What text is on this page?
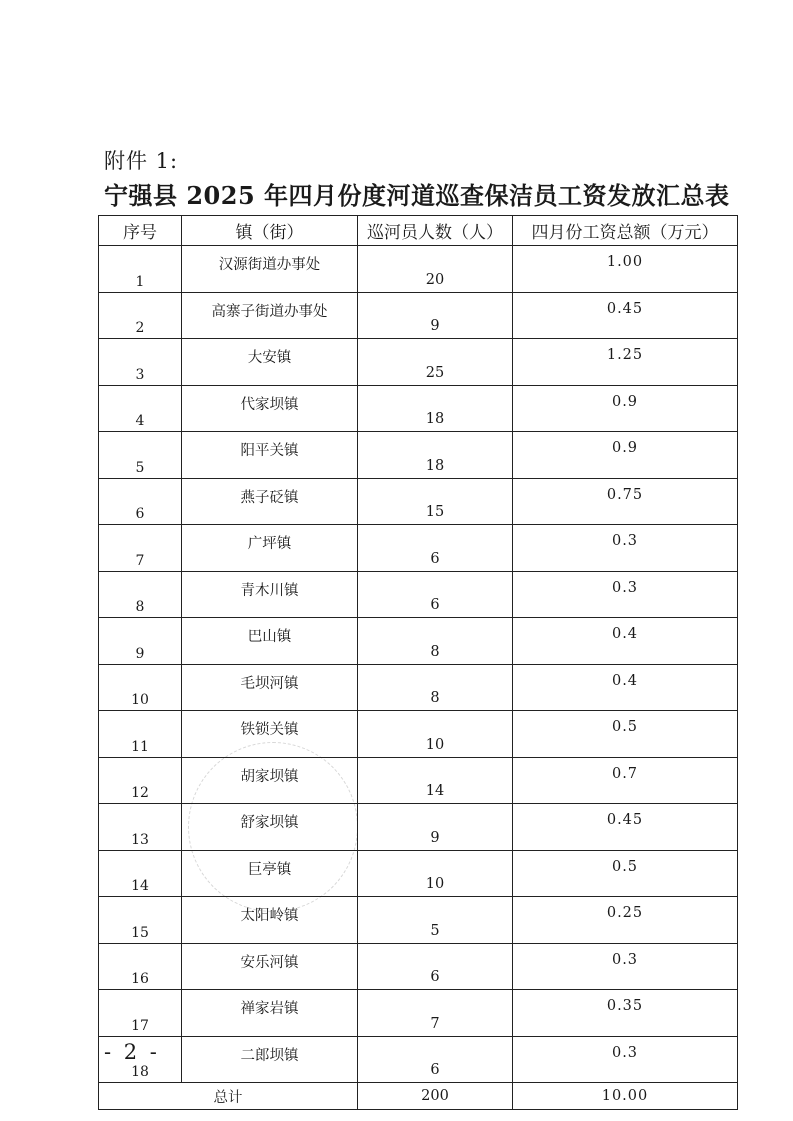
附件 1:
宁强县 2025 年四月份度河道巡查保洁员工资发放汇总表
序号	镇（街）	巡河员人数（人）	四月份工资总额（万元）
1	汉源街道办事处	20	1.00
2	高寨子街道办事处	9	0.45
3	大安镇	25	1.25
4	代家坝镇	18	0.9
5	阳平关镇	18	0.9
6	燕子砭镇	15	0.75
7	广坪镇	6	0.3
8	青木川镇	6	0.3
9	巴山镇	8	0.4
10	毛坝河镇	8	0.4
11	铁锁关镇	10	0.5
12	胡家坝镇	14	0.7
13	舒家坝镇	9	0.45
14	巨亭镇	10	0.5
15	太阳岭镇	5	0.25
16	安乐河镇	6	0.3
17	禅家岩镇	7	0.35
18	二郎坝镇	6	0.3
总计		200	10.00
- 2 -
